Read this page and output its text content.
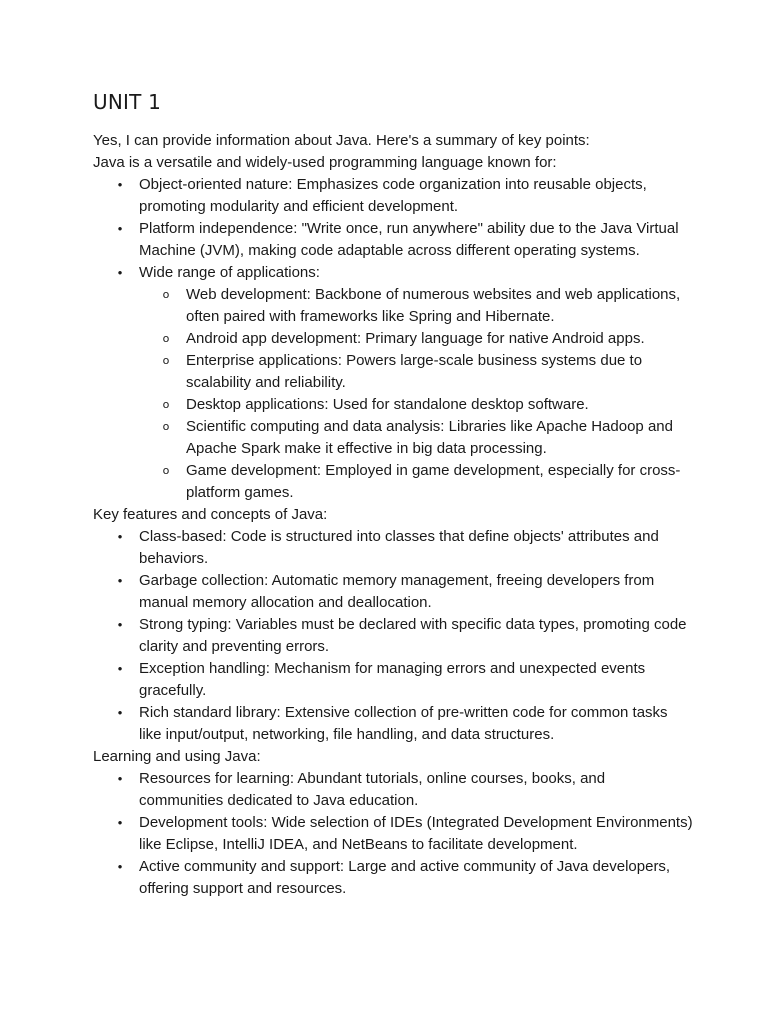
UNIT 1

Yes, I can provide information about Java. Here's a summary of key points:

Java is a versatile and widely-used programming language known for:

• Object-oriented nature: Emphasizes code organization into reusable objects, promoting modularity and efficient development.
• Platform independence: "Write once, run anywhere" ability due to the Java Virtual Machine (JVM), making code adaptable across different operating systems.
• Wide range of applications:
o Web development: Backbone of numerous websites and web applications, often paired with frameworks like Spring and Hibernate.
o Android app development: Primary language for native Android apps.
o Enterprise applications: Powers large-scale business systems due to scalability and reliability.
o Desktop applications: Used for standalone desktop software.
o Scientific computing and data analysis: Libraries like Apache Hadoop and Apache Spark make it effective in big data processing.
o Game development: Employed in game development, especially for cross-platform games.

Key features and concepts of Java:

• Class-based: Code is structured into classes that define objects' attributes and behaviors.
• Garbage collection: Automatic memory management, freeing developers from manual memory allocation and deallocation.
• Strong typing: Variables must be declared with specific data types, promoting code clarity and preventing errors.
• Exception handling: Mechanism for managing errors and unexpected events gracefully.
• Rich standard library: Extensive collection of pre-written code for common tasks like input/output, networking, file handling, and data structures.

Learning and using Java:

• Resources for learning: Abundant tutorials, online courses, books, and communities dedicated to Java education.
• Development tools: Wide selection of IDEs (Integrated Development Environments) like Eclipse, IntelliJ IDEA, and NetBeans to facilitate development.
• Active community and support: Large and active community of Java developers, offering support and resources.
